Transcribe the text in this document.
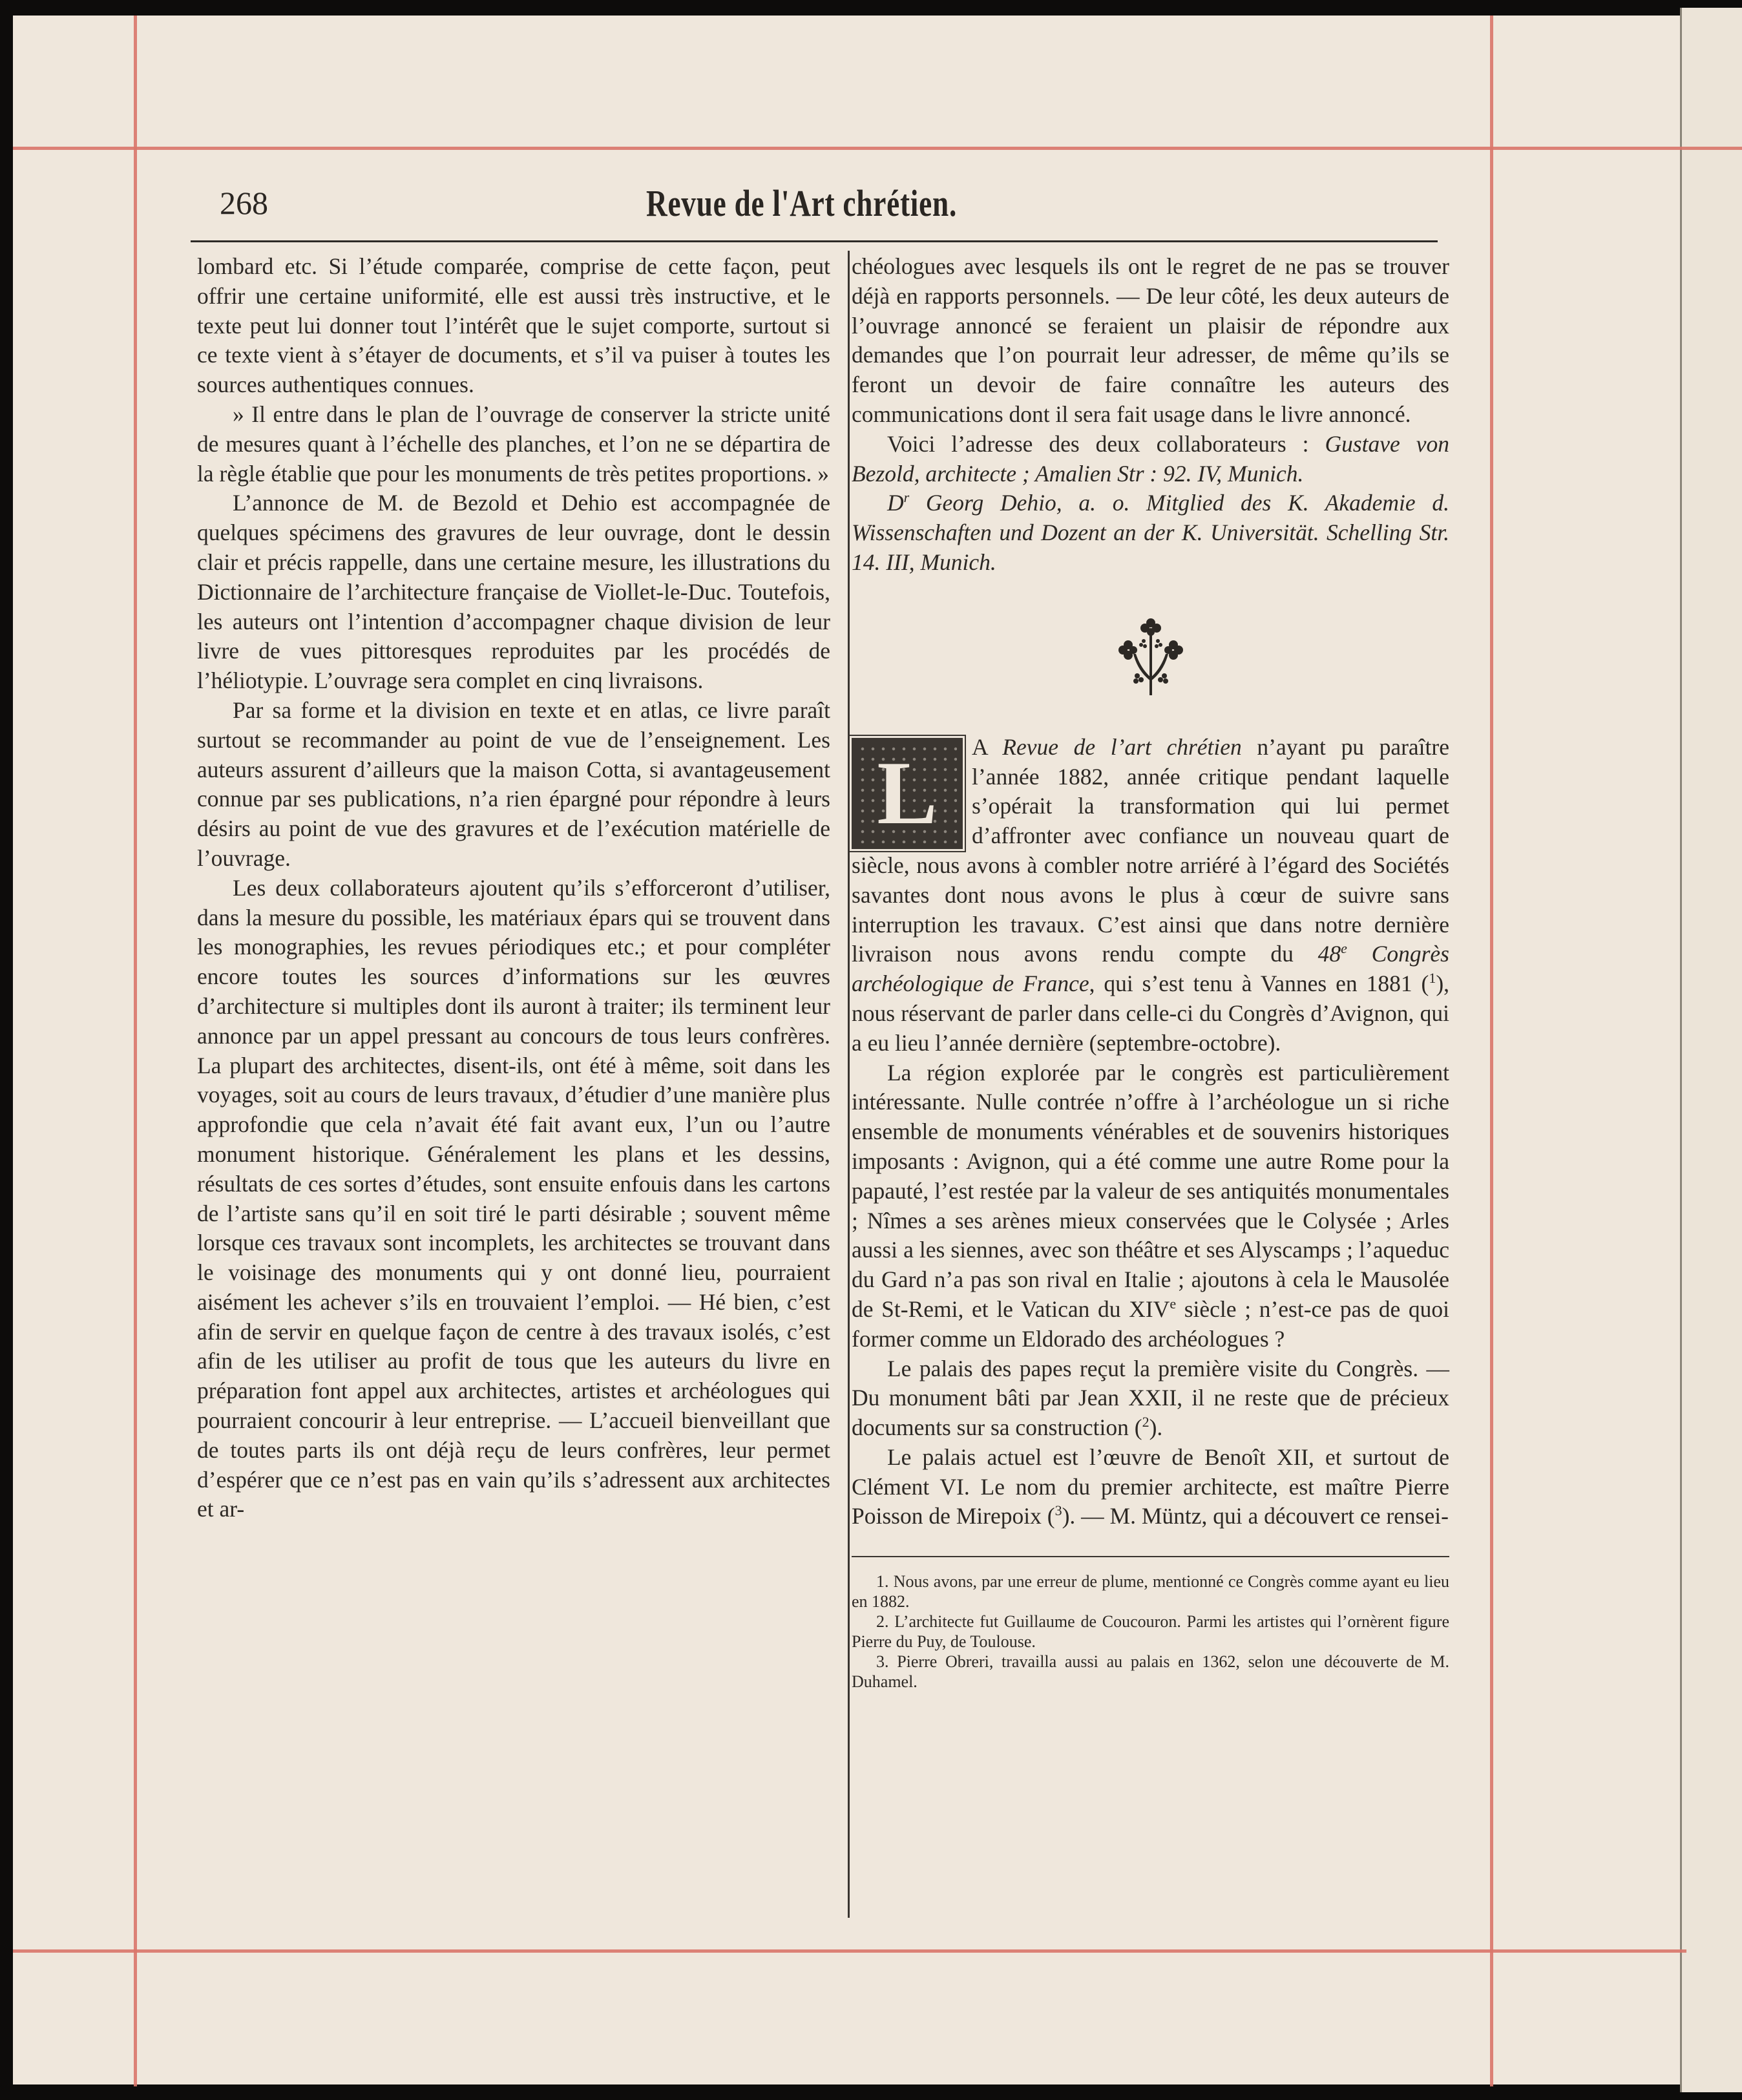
268	Revue de l'Art chrétien.

lombard etc. Si l’étude comparée, comprise de cette façon, peut offrir une certaine uniformité, elle est aussi très instructive, et le texte peut lui donner tout l’intérêt que le sujet comporte, surtout si ce texte vient à s’étayer de documents, et s’il va puiser à toutes les sources authentiques connues.

» Il entre dans le plan de l’ouvrage de conserver la stricte unité de mesures quant à l’échelle des planches, et l’on ne se départira de la règle établie que pour les monuments de très petites proportions. »

L’annonce de M. de Bezold et Dehio est accompagnée de quelques spécimens des gravures de leur ouvrage, dont le dessin clair et précis rappelle, dans une certaine mesure, les illustrations du Dictionnaire de l’architecture française de Viollet-le-Duc. Toutefois, les auteurs ont l’intention d’accompagner chaque division de leur livre de vues pittoresques reproduites par les procédés de l’héliotypie. L’ouvrage sera complet en cinq livraisons.

Par sa forme et la division en texte et en atlas, ce livre paraît surtout se recommander au point de vue de l’enseignement. Les auteurs assurent d’ailleurs que la maison Cotta, si avantageusement connue par ses publications, n’a rien épargné pour répondre à leurs désirs au point de vue des gravures et de l’exécution matérielle de l’ouvrage.

Les deux collaborateurs ajoutent qu’ils s’efforceront d’utiliser, dans la mesure du possible, les matériaux épars qui se trouvent dans les monographies, les revues périodiques etc.; et pour compléter encore toutes les sources d’informations sur les œuvres d’architecture si multiples dont ils auront à traiter; ils terminent leur annonce par un appel pressant au concours de tous leurs confrères. La plupart des architectes, disent-ils, ont été à même, soit dans les voyages, soit au cours de leurs travaux, d’étudier d’une manière plus approfondie que cela n’avait été fait avant eux, l’un ou l’autre monument historique. Généralement les plans et les dessins, résultats de ces sortes d’études, sont ensuite enfouis dans les cartons de l’artiste sans qu’il en soit tiré le parti désirable ; souvent même lorsque ces travaux sont incomplets, les architectes se trouvant dans le voisinage des monuments qui y ont donné lieu, pourraient aisément les achever s’ils en trouvaient l’emploi. — Hé bien, c’est afin de servir en quelque façon de centre à des travaux isolés, c’est afin de les utiliser au profit de tous que les auteurs du livre en préparation font appel aux architectes, artistes et archéologues qui pourraient concourir à leur entreprise. — L’accueil bienveillant que de toutes parts ils ont déjà reçu de leurs confrères, leur permet d’espérer que ce n’est pas en vain qu’ils s’adressent aux architectes et ar-

chéologues avec lesquels ils ont le regret de ne pas se trouver déjà en rapports personnels. — De leur côté, les deux auteurs de l’ouvrage annoncé se feraient un plaisir de répondre aux demandes que l’on pourrait leur adresser, de même qu’ils se feront un devoir de faire connaître les auteurs des communications dont il sera fait usage dans le livre annoncé.

Voici l’adresse des deux collaborateurs : Gustave von Bezold, architecte ; Amalien Str : 92. IV, Munich.

$D^r$ Georg Dehio, a. o. Mitglied des K. Akademie d. Wissenschaften und Dozent an der K. Universität. Schelling Str. 14. III, Munich.

L	A Revue de l’art chrétien n’ayant pu paraître l’année 1882, année critique pendant laquelle s’opérait la transformation qui lui permet d’affronter avec confiance un nouveau quart de siècle, nous avons à combler notre arriéré à l’égard des Sociétés savantes dont nous avons le plus à cœur de suivre sans interruption les travaux. C’est ainsi que dans notre dernière livraison nous avons rendu compte du 48e Congrès archéologique de France, qui s’est tenu à Vannes en 1881 ($^1$), nous réservant de parler dans celle-ci du Congrès d’Avignon, qui a eu lieu l’année dernière (septembre-octobre).

La région explorée par le congrès est particulièrement intéressante. Nulle contrée n’offre à l’archéologue un si riche ensemble de monuments vénérables et de souvenirs historiques imposants : Avignon, qui a été comme une autre Rome pour la papauté, l’est restée par la valeur de ses antiquités monumentales ; Nîmes a ses arènes mieux conservées que le Colysée ; Arles aussi a les siennes, avec son théâtre et ses Alyscamps ; l’aqueduc du Gard n’a pas son rival en Italie ; ajoutons à cela le Mausolée de St-Remi, et le Vatican du XIVe siècle ; n’est-ce pas de quoi former comme un Eldorado des archéologues ?

Le palais des papes reçut la première visite du Congrès. — Du monument bâti par Jean XXII, il ne reste que de précieux documents sur sa construction ($^2$).

Le palais actuel est l’œuvre de Benoît XII, et surtout de Clément VI. Le nom du premier architecte, est maître Pierre Poisson de Mirepoix ($^3$). — M. Müntz, qui a découvert ce rensei-

1. Nous avons, par une erreur de plume, mentionné ce Congrès comme ayant eu lieu en 1882.

2. L’architecte fut Guillaume de Coucouron. Parmi les artistes qui l’ornèrent figure Pierre du Puy, de Toulouse.

3. Pierre Obreri, travailla aussi au palais en 1362, selon une découverte de M. Duhamel.
